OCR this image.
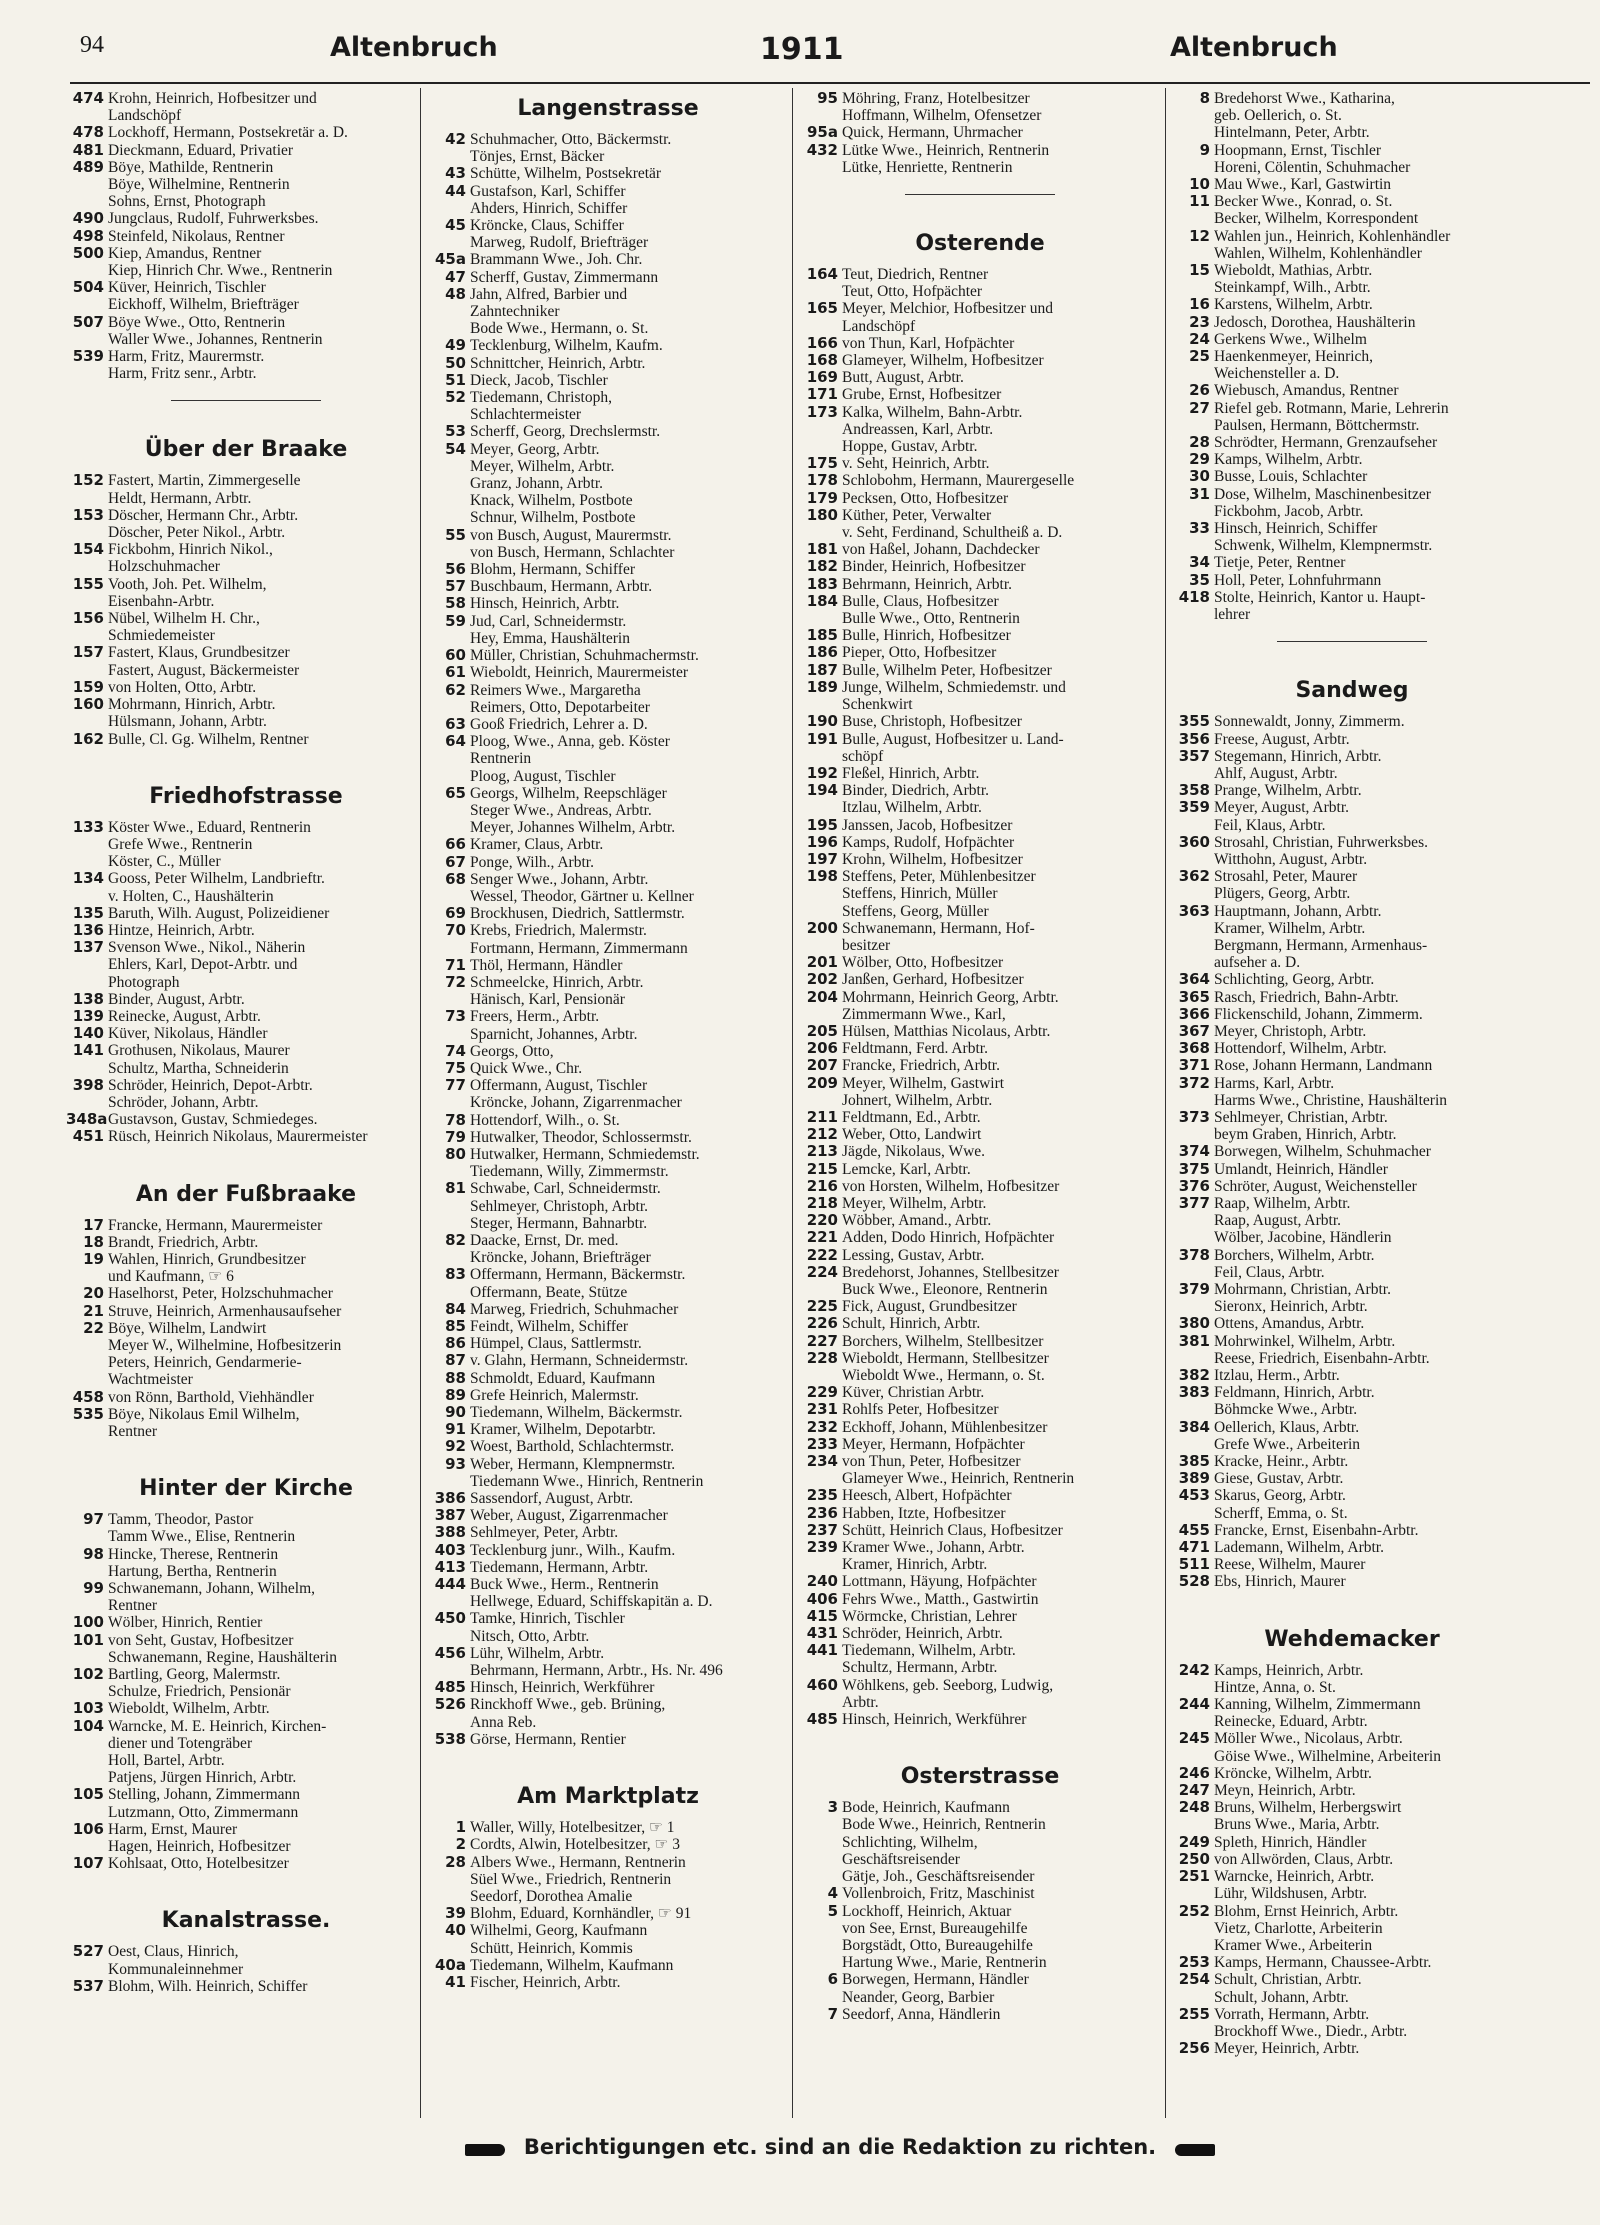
94	Altenbruch	1911	Altenbruch
474 Krohn, Heinrich, Hofbesitzer und
Landschöpf
478 Lockhoff, Hermann, Postsekretär a. D.
481 Dieckmann, Eduard, Privatier
489 Böye, Mathilde, Rentnerin
Böye, Wilhelmine, Rentnerin
Sohns, Ernst, Photograph
490 Jungclaus, Rudolf, Fuhrwerksbes.
498 Steinfeld, Nikolaus, Rentner
500 Kiep, Amandus, Rentner
Kiep, Hinrich Chr. Wwe., Rentnerin
504 Küver, Heinrich, Tischler
Eickhoff, Wilhelm, Briefträger
507 Böye Wwe., Otto, Rentnerin
Waller Wwe., Johannes, Rentnerin
539 Harm, Fritz, Maurermstr.
Harm, Fritz senr., Arbtr.
Über der Braake
152 Fastert, Martin, Zimmergeselle
Heldt, Hermann, Arbtr.
153 Döscher, Hermann Chr., Arbtr.
Döscher, Peter Nikol., Arbtr.
154 Fickbohm, Hinrich Nikol.,
Holzschuhmacher
155 Vooth, Joh. Pet. Wilhelm,
Eisenbahn-Arbtr.
156 Nübel, Wilhelm H. Chr.,
Schmiedemeister
157 Fastert, Klaus, Grundbesitzer
Fastert, August, Bäckermeister
159 von Holten, Otto, Arbtr.
160 Mohrmann, Hinrich, Arbtr.
Hülsmann, Johann, Arbtr.
162 Bulle, Cl. Gg. Wilhelm, Rentner
Friedhofstrasse
133 Köster Wwe., Eduard, Rentnerin
Grefe Wwe., Rentnerin
Köster, C., Müller
134 Gooss, Peter Wilhelm, Landbrieftr.
v. Holten, C., Haushälterin
135 Baruth, Wilh. August, Polizeidiener
136 Hintze, Heinrich, Arbtr.
137 Svenson Wwe., Nikol., Näherin
Ehlers, Karl, Depot-Arbtr. und
Photograph
138 Binder, August, Arbtr.
139 Reinecke, August, Arbtr.
140 Küver, Nikolaus, Händler
141 Grothusen, Nikolaus, Maurer
Schultz, Martha, Schneiderin
398 Schröder, Heinrich, Depot-Arbtr.
Schröder, Johann, Arbtr.
348a Gustavson, Gustav, Schmiedeges.
451 Rüsch, Heinrich Nikolaus, Maurermeister
An der Fußbraake
17 Francke, Hermann, Maurermeister
18 Brandt, Friedrich, Arbtr.
19 Wahlen, Hinrich, Grundbesitzer
und Kaufmann, ☞ 6
20 Haselhorst, Peter, Holzschuhmacher
21 Struve, Heinrich, Armenhausaufseher
22 Böye, Wilhelm, Landwirt
Meyer W., Wilhelmine, Hofbesitzerin
Peters, Heinrich, Gendarmerie-
Wachtmeister
458 von Rönn, Barthold, Viehhändler
535 Böye, Nikolaus Emil Wilhelm,
Rentner
Hinter der Kirche
97 Tamm, Theodor, Pastor
Tamm Wwe., Elise, Rentnerin
98 Hincke, Therese, Rentnerin
Hartung, Bertha, Rentnerin
99 Schwanemann, Johann, Wilhelm,
Rentner
100 Wölber, Hinrich, Rentier
101 von Seht, Gustav, Hofbesitzer
Schwanemann, Regine, Haushälterin
102 Bartling, Georg, Malermstr.
Schulze, Friedrich, Pensionär
103 Wieboldt, Wilhelm, Arbtr.
104 Warncke, M. E. Heinrich, Kirchen-
diener und Totengräber
Holl, Bartel, Arbtr.
Patjens, Jürgen Hinrich, Arbtr.
105 Stelling, Johann, Zimmermann
Lutzmann, Otto, Zimmermann
106 Harm, Ernst, Maurer
Hagen, Heinrich, Hofbesitzer
107 Kohlsaat, Otto, Hotelbesitzer
Kanalstrasse.
527 Oest, Claus, Hinrich,
Kommunaleinnehmer
537 Blohm, Wilh. Heinrich, Schiffer
Langenstrasse
42 Schuhmacher, Otto, Bäckermstr.
Tönjes, Ernst, Bäcker
43 Schütte, Wilhelm, Postsekretär
44 Gustafson, Karl, Schiffer
Ahders, Hinrich, Schiffer
45 Kröncke, Claus, Schiffer
Marweg, Rudolf, Briefträger
45a Brammann Wwe., Joh. Chr.
47 Scherff, Gustav, Zimmermann
48 Jahn, Alfred, Barbier und
Zahntechniker
Bode Wwe., Hermann, o. St.
49 Tecklenburg, Wilhelm, Kaufm.
50 Schnittcher, Heinrich, Arbtr.
51 Dieck, Jacob, Tischler
52 Tiedemann, Christoph,
Schlachtermeister
53 Scherff, Georg, Drechslermstr.
54 Meyer, Georg, Arbtr.
Meyer, Wilhelm, Arbtr.
Granz, Johann, Arbtr.
Knack, Wilhelm, Postbote
Schnur, Wilhelm, Postbote
55 von Busch, August, Maurermstr.
von Busch, Hermann, Schlachter
56 Blohm, Hermann, Schiffer
57 Buschbaum, Hermann, Arbtr.
58 Hinsch, Heinrich, Arbtr.
59 Jud, Carl, Schneidermstr.
Hey, Emma, Haushälterin
60 Müller, Christian, Schuhmachermstr.
61 Wieboldt, Heinrich, Maurermeister
62 Reimers Wwe., Margaretha
Reimers, Otto, Depotarbeiter
63 Gooß Friedrich, Lehrer a. D.
64 Ploog, Wwe., Anna, geb. Köster
Rentnerin
Ploog, August, Tischler
65 Georgs, Wilhelm, Reepschläger
Steger Wwe., Andreas, Arbtr.
Meyer, Johannes Wilhelm, Arbtr.
66 Kramer, Claus, Arbtr.
67 Ponge, Wilh., Arbtr.
68 Senger Wwe., Johann, Arbtr.
Wessel, Theodor, Gärtner u. Kellner
69 Brockhusen, Diedrich, Sattlermstr.
70 Krebs, Friedrich, Malermstr.
Fortmann, Hermann, Zimmermann
71 Thöl, Hermann, Händler
72 Schmeelcke, Hinrich, Arbtr.
Hänisch, Karl, Pensionär
73 Freers, Herm., Arbtr.
Sparnicht, Johannes, Arbtr.
74 Georgs, Otto,
75 Quick Wwe., Chr.
77 Offermann, August, Tischler
Kröncke, Johann, Zigarrenmacher
78 Hottendorf, Wilh., o. St.
79 Hutwalker, Theodor, Schlossermstr.
80 Hutwalker, Hermann, Schmiedemstr.
Tiedemann, Willy, Zimmermstr.
81 Schwabe, Carl, Schneidermstr.
Sehlmeyer, Christoph, Arbtr.
Steger, Hermann, Bahnarbtr.
82 Daacke, Ernst, Dr. med.
Kröncke, Johann, Briefträger
83 Offermann, Hermann, Bäckermstr.
Offermann, Beate, Stütze
84 Marweg, Friedrich, Schuhmacher
85 Feindt, Wilhelm, Schiffer
86 Hümpel, Claus, Sattlermstr.
87 v. Glahn, Hermann, Schneidermstr.
88 Schmoldt, Eduard, Kaufmann
89 Grefe Heinrich, Malermstr.
90 Tiedemann, Wilhelm, Bäckermstr.
91 Kramer, Wilhelm, Depotarbtr.
92 Woest, Barthold, Schlachtermstr.
93 Weber, Hermann, Klempnermstr.
Tiedemann Wwe., Hinrich, Rentnerin
386 Sassendorf, August, Arbtr.
387 Weber, August, Zigarrenmacher
388 Sehlmeyer, Peter, Arbtr.
403 Tecklenburg junr., Wilh., Kaufm.
413 Tiedemann, Hermann, Arbtr.
444 Buck Wwe., Herm., Rentnerin
Hellwege, Eduard, Schiffskapitän a. D.
450 Tamke, Hinrich, Tischler
Nitsch, Otto, Arbtr.
456 Lühr, Wilhelm, Arbtr.
Behrmann, Hermann, Arbtr., Hs. Nr. 496
485 Hinsch, Heinrich, Werkführer
526 Rinckhoff Wwe., geb. Brüning,
Anna Reb.
538 Görse, Hermann, Rentier
Am Marktplatz
1 Waller, Willy, Hotelbesitzer, ☞ 1
2 Cordts, Alwin, Hotelbesitzer, ☞ 3
28 Albers Wwe., Hermann, Rentnerin
Süel Wwe., Friedrich, Rentnerin
Seedorf, Dorothea Amalie
39 Blohm, Eduard, Kornhändler, ☞ 91
40 Wilhelmi, Georg, Kaufmann
Schütt, Heinrich, Kommis
40a Tiedemann, Wilhelm, Kaufmann
41 Fischer, Heinrich, Arbtr.
95 Möhring, Franz, Hotelbesitzer
Hoffmann, Wilhelm, Ofensetzer
95a Quick, Hermann, Uhrmacher
432 Lütke Wwe., Heinrich, Rentnerin
Lütke, Henriette, Rentnerin
Osterende
164 Teut, Diedrich, Rentner
Teut, Otto, Hofpächter
165 Meyer, Melchior, Hofbesitzer und
Landschöpf
166 von Thun, Karl, Hofpächter
168 Glameyer, Wilhelm, Hofbesitzer
169 Butt, August, Arbtr.
171 Grube, Ernst, Hofbesitzer
173 Kalka, Wilhelm, Bahn-Arbtr.
Andreassen, Karl, Arbtr.
Hoppe, Gustav, Arbtr.
175 v. Seht, Heinrich, Arbtr.
178 Schlobohm, Hermann, Maurergeselle
179 Pecksen, Otto, Hofbesitzer
180 Küther, Peter, Verwalter
v. Seht, Ferdinand, Schultheiß a. D.
181 von Haßel, Johann, Dachdecker
182 Binder, Heinrich, Hofbesitzer
183 Behrmann, Heinrich, Arbtr.
184 Bulle, Claus, Hofbesitzer
Bulle Wwe., Otto, Rentnerin
185 Bulle, Hinrich, Hofbesitzer
186 Pieper, Otto, Hofbesitzer
187 Bulle, Wilhelm Peter, Hofbesitzer
189 Junge, Wilhelm, Schmiedemstr. und
Schenkwirt
190 Buse, Christoph, Hofbesitzer
191 Bulle, August, Hofbesitzer u. Land-
schöpf
192 Fleßel, Hinrich, Arbtr.
194 Binder, Diedrich, Arbtr.
Itzlau, Wilhelm, Arbtr.
195 Janssen, Jacob, Hofbesitzer
196 Kamps, Rudolf, Hofpächter
197 Krohn, Wilhelm, Hofbesitzer
198 Steffens, Peter, Mühlenbesitzer
Steffens, Hinrich, Müller
Steffens, Georg, Müller
200 Schwanemann, Hermann, Hof-
besitzer
201 Wölber, Otto, Hofbesitzer
202 Janßen, Gerhard, Hofbesitzer
204 Mohrmann, Heinrich Georg, Arbtr.
Zimmermann Wwe., Karl,
205 Hülsen, Matthias Nicolaus, Arbtr.
206 Feldtmann, Ferd. Arbtr.
207 Francke, Friedrich, Arbtr.
209 Meyer, Wilhelm, Gastwirt
Johnert, Wilhelm, Arbtr.
211 Feldtmann, Ed., Arbtr.
212 Weber, Otto, Landwirt
213 Jägde, Nikolaus, Wwe.
215 Lemcke, Karl, Arbtr.
216 von Horsten, Wilhelm, Hofbesitzer
218 Meyer, Wilhelm, Arbtr.
220 Wöbber, Amand., Arbtr.
221 Adden, Dodo Hinrich, Hofpächter
222 Lessing, Gustav, Arbtr.
224 Bredehorst, Johannes, Stellbesitzer
Buck Wwe., Eleonore, Rentnerin
225 Fick, August, Grundbesitzer
226 Schult, Hinrich, Arbtr.
227 Borchers, Wilhelm, Stellbesitzer
228 Wieboldt, Hermann, Stellbesitzer
Wieboldt Wwe., Hermann, o. St.
229 Küver, Christian Arbtr.
231 Rohlfs Peter, Hofbesitzer
232 Eckhoff, Johann, Mühlenbesitzer
233 Meyer, Hermann, Hofpächter
234 von Thun, Peter, Hofbesitzer
Glameyer Wwe., Heinrich, Rentnerin
235 Heesch, Albert, Hofpächter
236 Habben, Itzte, Hofbesitzer
237 Schütt, Heinrich Claus, Hofbesitzer
239 Kramer Wwe., Johann, Arbtr.
Kramer, Hinrich, Arbtr.
240 Lottmann, Häyung, Hofpächter
406 Fehrs Wwe., Matth., Gastwirtin
415 Wörmcke, Christian, Lehrer
431 Schröder, Heinrich, Arbtr.
441 Tiedemann, Wilhelm, Arbtr.
Schultz, Hermann, Arbtr.
460 Wöhlkens, geb. Seeborg, Ludwig,
Arbtr.
485 Hinsch, Heinrich, Werkführer
Osterstrasse
3 Bode, Heinrich, Kaufmann
Bode Wwe., Heinrich, Rentnerin
Schlichting, Wilhelm,
Geschäftsreisender
Gätje, Joh., Geschäftsreisender
4 Vollenbroich, Fritz, Maschinist
5 Lockhoff, Heinrich, Aktuar
von See, Ernst, Bureaugehilfe
Borgstädt, Otto, Bureaugehilfe
Hartung Wwe., Marie, Rentnerin
6 Borwegen, Hermann, Händler
Neander, Georg, Barbier
7 Seedorf, Anna, Händlerin
8 Bredehorst Wwe., Katharina,
geb. Oellerich, o. St.
Hintelmann, Peter, Arbtr.
9 Hoopmann, Ernst, Tischler
Horeni, Cölentin, Schuhmacher
10 Mau Wwe., Karl, Gastwirtin
11 Becker Wwe., Konrad, o. St.
Becker, Wilhelm, Korrespondent
12 Wahlen jun., Heinrich, Kohlenhändler
Wahlen, Wilhelm, Kohlenhändler
15 Wieboldt, Mathias, Arbtr.
Steinkampf, Wilh., Arbtr.
16 Karstens, Wilhelm, Arbtr.
23 Jedosch, Dorothea, Haushälterin
24 Gerkens Wwe., Wilhelm
25 Haenkenmeyer, Heinrich,
Weichensteller a. D.
26 Wiebusch, Amandus, Rentner
27 Riefel geb. Rotmann, Marie, Lehrerin
Paulsen, Hermann, Böttchermstr.
28 Schrödter, Hermann, Grenzaufseher
29 Kamps, Wilhelm, Arbtr.
30 Busse, Louis, Schlachter
31 Dose, Wilhelm, Maschinenbesitzer
Fickbohm, Jacob, Arbtr.
33 Hinsch, Heinrich, Schiffer
Schwenk, Wilhelm, Klempnermstr.
34 Tietje, Peter, Rentner
35 Holl, Peter, Lohnfuhrmann
418 Stolte, Heinrich, Kantor u. Haupt-
lehrer
Sandweg
355 Sonnewaldt, Jonny, Zimmerm.
356 Freese, August, Arbtr.
357 Stegemann, Hinrich, Arbtr.
Ahlf, August, Arbtr.
358 Prange, Wilhelm, Arbtr.
359 Meyer, August, Arbtr.
Feil, Klaus, Arbtr.
360 Strosahl, Christian, Fuhrwerksbes.
Witthohn, August, Arbtr.
362 Strosahl, Peter, Maurer
Plügers, Georg, Arbtr.
363 Hauptmann, Johann, Arbtr.
Kramer, Wilhelm, Arbtr.
Bergmann, Hermann, Armenhaus-
aufseher a. D.
364 Schlichting, Georg, Arbtr.
365 Rasch, Friedrich, Bahn-Arbtr.
366 Flickenschild, Johann, Zimmerm.
367 Meyer, Christoph, Arbtr.
368 Hottendorf, Wilhelm, Arbtr.
371 Rose, Johann Hermann, Landmann
372 Harms, Karl, Arbtr.
Harms Wwe., Christine, Haushälterin
373 Sehlmeyer, Christian, Arbtr.
beym Graben, Hinrich, Arbtr.
374 Borwegen, Wilhelm, Schuhmacher
375 Umlandt, Heinrich, Händler
376 Schröter, August, Weichensteller
377 Raap, Wilhelm, Arbtr.
Raap, August, Arbtr.
Wölber, Jacobine, Händlerin
378 Borchers, Wilhelm, Arbtr.
Feil, Claus, Arbtr.
379 Mohrmann, Christian, Arbtr.
Sieronx, Heinrich, Arbtr.
380 Ottens, Amandus, Arbtr.
381 Mohrwinkel, Wilhelm, Arbtr.
Reese, Friedrich, Eisenbahn-Arbtr.
382 Itzlau, Herm., Arbtr.
383 Feldmann, Hinrich, Arbtr.
Böhmcke Wwe., Arbtr.
384 Oellerich, Klaus, Arbtr.
Grefe Wwe., Arbeiterin
385 Kracke, Heinr., Arbtr.
389 Giese, Gustav, Arbtr.
453 Skarus, Georg, Arbtr.
Scherff, Emma, o. St.
455 Francke, Ernst, Eisenbahn-Arbtr.
471 Lademann, Wilhelm, Arbtr.
511 Reese, Wilhelm, Maurer
528 Ebs, Hinrich, Maurer
Wehdemacker
242 Kamps, Heinrich, Arbtr.
Hintze, Anna, o. St.
244 Kanning, Wilhelm, Zimmermann
Reinecke, Eduard, Arbtr.
245 Möller Wwe., Nicolaus, Arbtr.
Göise Wwe., Wilhelmine, Arbeiterin
246 Kröncke, Wilhelm, Arbtr.
247 Meyn, Heinrich, Arbtr.
248 Bruns, Wilhelm, Herbergswirt
Bruns Wwe., Maria, Arbtr.
249 Spleth, Hinrich, Händler
250 von Allwörden, Claus, Arbtr.
251 Warncke, Heinrich, Arbtr.
Lühr, Wildshusen, Arbtr.
252 Blohm, Ernst Heinrich, Arbtr.
Vietz, Charlotte, Arbeiterin
Kramer Wwe., Arbeiterin
253 Kamps, Hermann, Chaussee-Arbtr.
254 Schult, Christian, Arbtr.
Schult, Johann, Arbtr.
255 Vorrath, Hermann, Arbtr.
Brockhoff Wwe., Diedr., Arbtr.
256 Meyer, Heinrich, Arbtr.
Berichtigungen etc. sind an die Redaktion zu richten.
